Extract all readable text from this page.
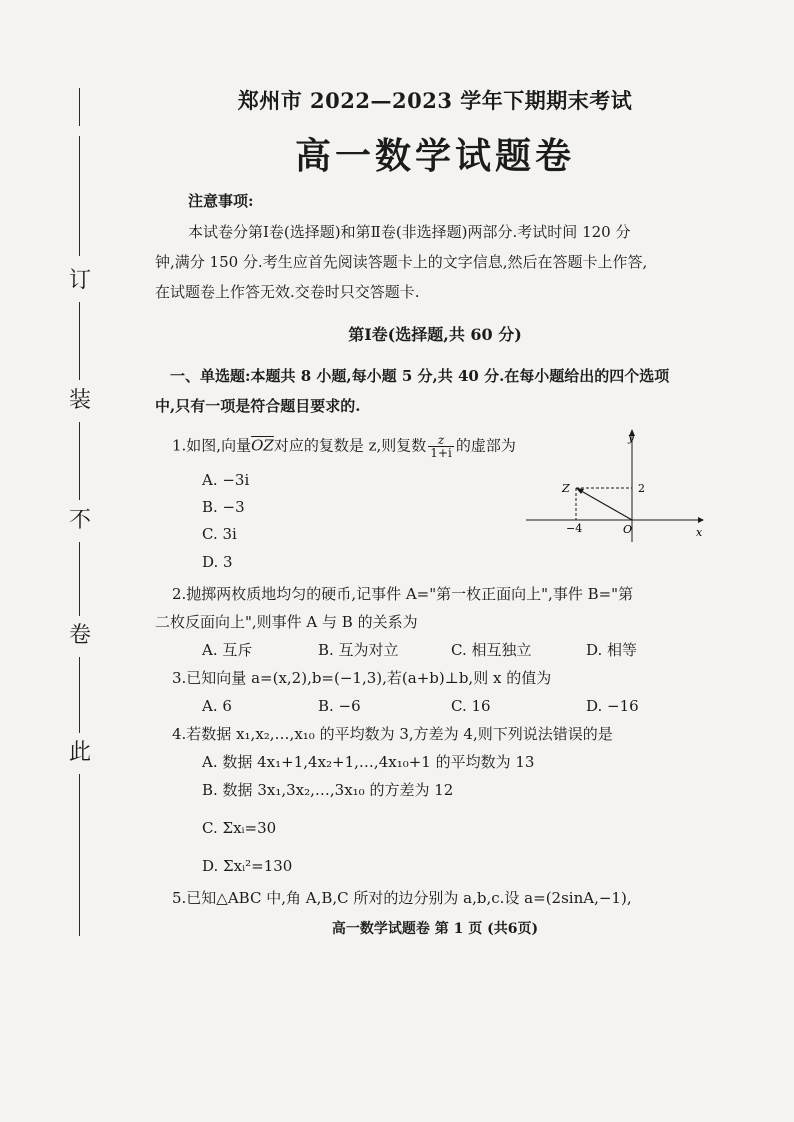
订
装
不
卷
此
郑州市 2022—2023 学年下期期末考试
高一数学试题卷
注意事项:
本试卷分第Ⅰ卷(选择题)和第Ⅱ卷(非选择题)两部分.考试时间 120 分
钟,满分 150 分.考生应首先阅读答题卡上的文字信息,然后在答题卡上作答,
在试题卷上作答无效.交卷时只交答题卡.
第Ⅰ卷(选择题,共 60 分)
一、单选题:本题共 8 小题,每小题 5 分,共 40 分.在每小题给出的四个选项
中,只有一项是符合题目要求的.
1.如图,向量$\overline{OZ}$对应的复数是 z,则复数 $\frac{z}{1+i}$ 的虚部为
A. −3i
B. −3
C. 3i
D. 3
y
x
O
Z
−4
2
2.抛掷两枚质地均匀的硬币,记事件 A="第一枚正面向上",事件 B="第
二枚反面向上",则事件 A 与 B 的关系为
A. 互斥	B. 互为对立	C. 相互独立	D. 相等
3.已知向量 a=(x,2),b=(−1,3),若(a+b)⊥b,则 x 的值为
A. 6	B. −6	C. 16	D. −16
4.若数据 x₁,x₂,…,x₁₀ 的平均数为 3,方差为 4,则下列说法错误的是
A. 数据 4x₁+1,4x₂+1,…,4x₁₀+1 的平均数为 13
B. 数据 3x₁,3x₂,…,3x₁₀ 的方差为 12
C. Σxᵢ=30
D. Σxᵢ²=130
5.已知△ABC 中,角 A,B,C 所对的边分别为 a,b,c.设 a=(2sinA,−1),
高一数学试题卷 第 1 页 (共6页)
